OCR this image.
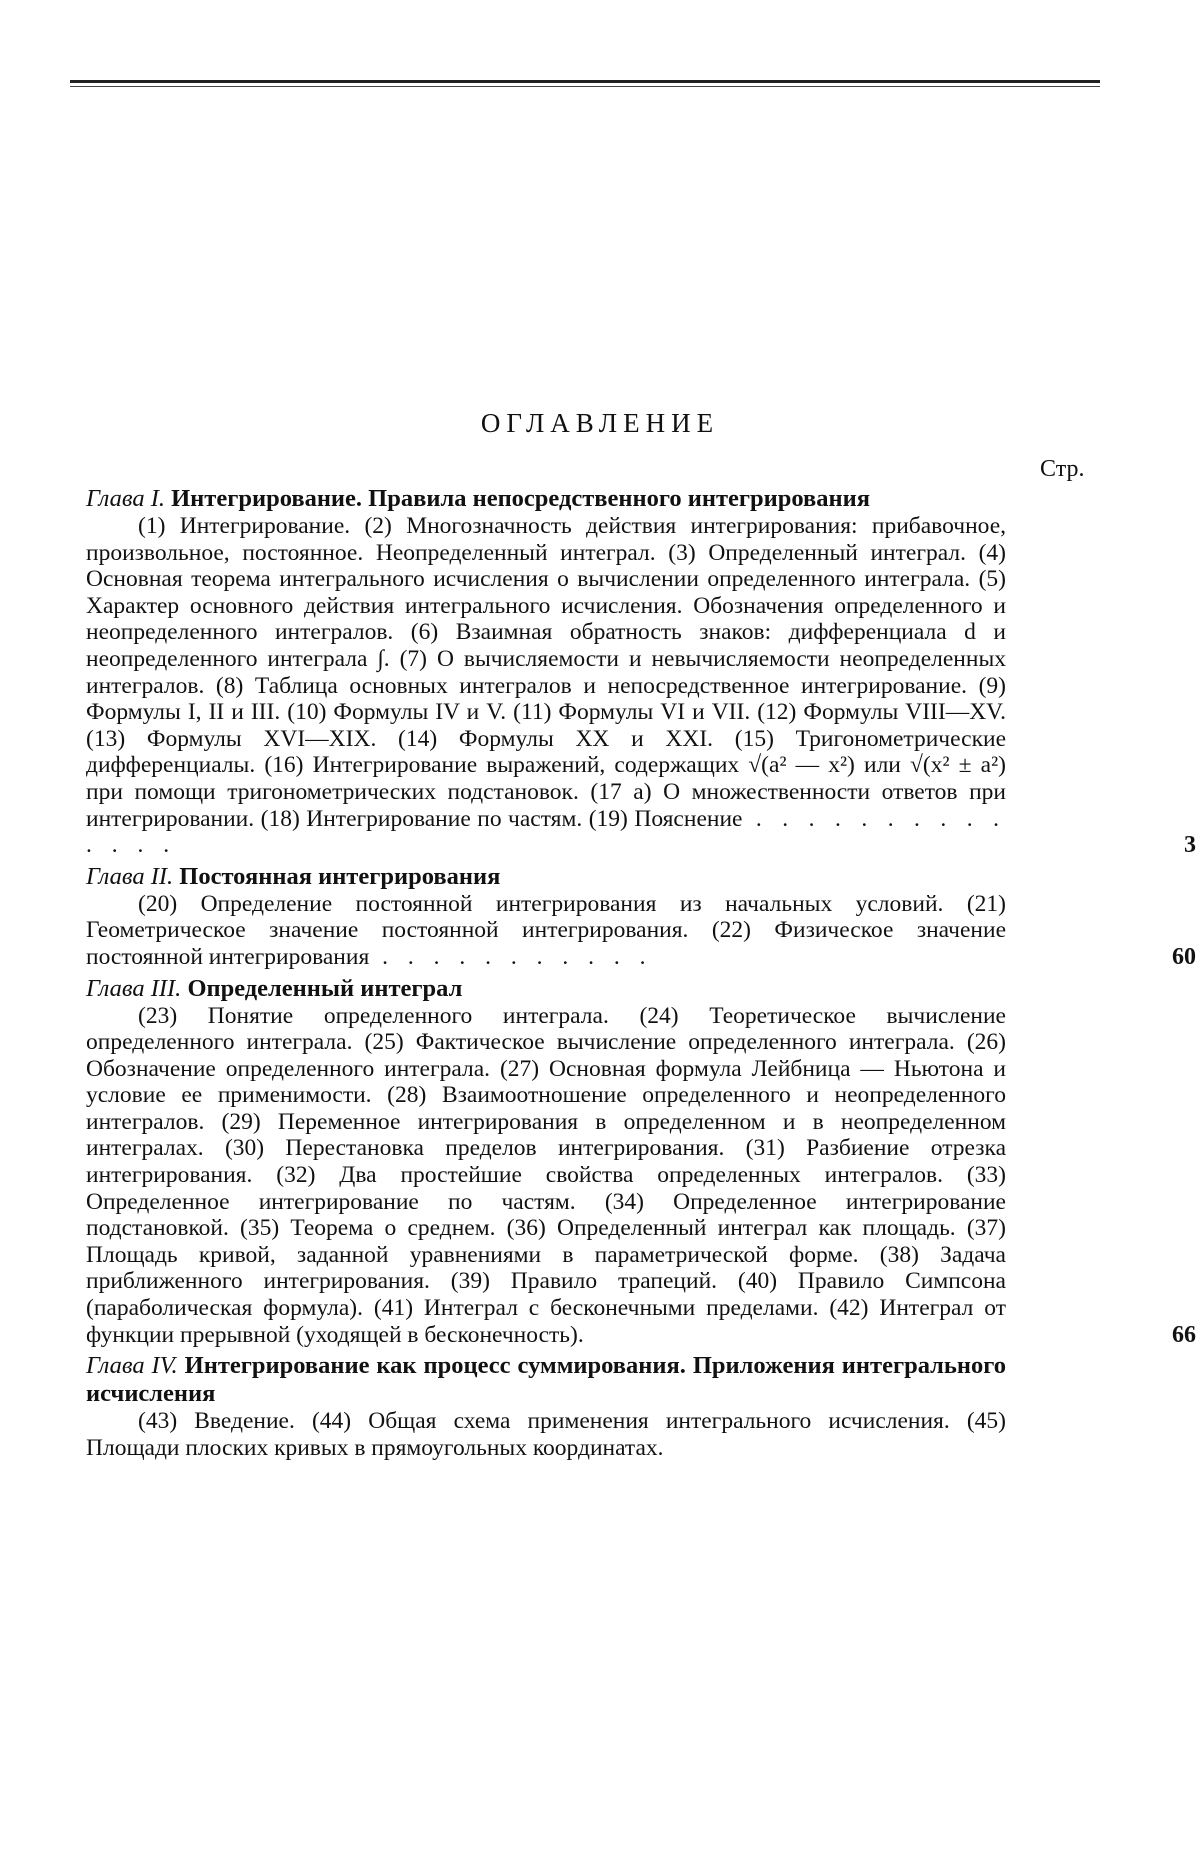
ОГЛАВЛЕНИЕ
Стр.
Глава I. Интегрирование. Правила непосредственного интегрирования
(1) Интегрирование. (2) Многозначность действия интегрирования: прибавочное, произвольное, постоянное. Неопределенный интеграл. (3) Определенный интеграл. (4) Основная теорема интегрального исчисления о вычислении определенного интеграла. (5) Характер основного действия интегрального исчисления. Обозначения определенного и неопределенного интегралов. (6) Взаимная обратность знаков: дифференциала d и неопределенного интеграла ∫. (7) О вычисляемости и невычисляемости неопределенных интегралов. (8) Таблица основных интегралов и непосредственное интегрирование. (9) Формулы I, II и III. (10) Формулы IV и V. (11) Формулы VI и VII. (12) Формулы VIII—XV. (13) Формулы XVI—XIX. (14) Формулы XX и XXI. (15) Тригонометрические дифференциалы. (16) Интегрирование выражений, содержащих √(a² — x²) или √(x² ± a²) при помощи тригонометрических подстановок. (17 а) О множественности ответов при интегрировании. (18) Интегрирование по частям. (19) Пояснение . . . . . . . . . . . . . .	3
Глава II. Постоянная интегрирования
(20) Определение постоянной интегрирования из начальных условий. (21) Геометрическое значение постоянной интегрирования. (22) Физическое значение постоянной интегрирования . . . . . . . . . . .	60
Глава III. Определенный интеграл
(23) Понятие определенного интеграла. (24) Теоретическое вычисление определенного интеграла. (25) Фактическое вычисление определенного интеграла. (26) Обозначение определенного интеграла. (27) Основная формула Лейбница — Ньютона и условие ее применимости. (28) Взаимоотношение определенного и неопределенного интегралов. (29) Переменное интегрирования в определенном и в неопределенном интегралах. (30) Перестановка пределов интегрирования. (31) Разбиение отрезка интегрирования. (32) Два простейшие свойства определенных интегралов. (33) Определенное интегрирование по частям. (34) Определенное интегрирование подстановкой. (35) Теорема о среднем. (36) Определенный интеграл как площадь. (37) Площадь кривой, заданной уравнениями в параметрической форме. (38) Задача приближенного интегрирования. (39) Правило трапеций. (40) Правило Симпсона (параболическая формула). (41) Интеграл с бесконечными пределами. (42) Интеграл от функции прерывной (уходящей в бесконечность).	66
Глава IV. Интегрирование как процесс суммирования. Приложения интегрального исчисления
(43) Введение. (44) Общая схема применения интегрального исчисления. (45) Площади плоских кривых в прямоугольных координатах.
